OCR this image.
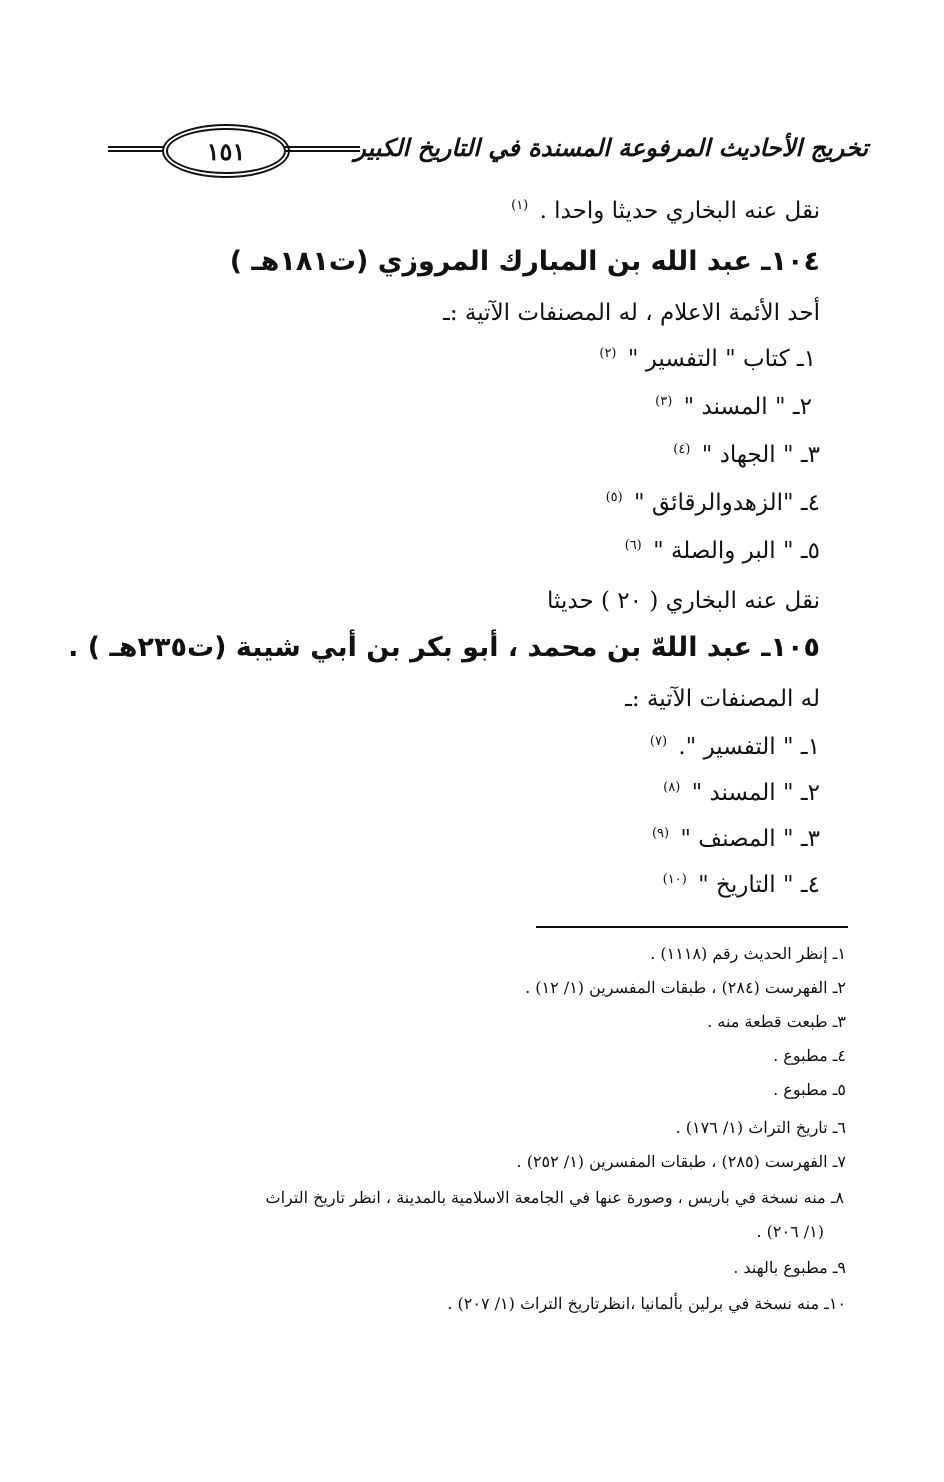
١٥١	تخريج الأحاديث المرفوعة المسندة في التاريخ الكبير
نقل عنه البخاري حديثا واحدا . $^{(١)}$
١٠٤ـ عبد الله بن المبارك المروزي (ت١٨١هـ )
أحد الأئمة الاعلام ، له المصنفات الآتية :ـ
١ـ كتاب " التفسير " $^{(٢)}$
٢ـ " المسند " $^{(٣)}$
٣ـ " الجهاد " $^{(٤)}$
٤ـ "الزهدوالرقائق " $^{(٥)}$
٥ـ " البر والصلة " $^{(٦)}$
نقل عنه البخاري ( ٢٠ ) حديثا
١٠٥ـ عبد اللهّ بن محمد ، أبو بكر بن أبي شيبة (ت٢٣٥هـ ) .
له المصنفات الآتية :ـ
١ـ " التفسير ". $^{(٧)}$
٢ـ " المسند " $^{(٨)}$
٣ـ " المصنف " $^{(٩)}$
٤ـ " التاريخ " $^{(١٠)}$
١ـ إنظر الحديث رقم (١١١٨) .
٢ـ الفهرست (٢٨٤) ، طبقات المفسرين (١/ ١٢) .
٣ـ طبعت قطعة منه .
٤ـ مطبوع .
٥ـ مطبوع .
٦ـ تاريخ التراث (١/ ١٧٦) .
٧ـ الفهرست (٢٨٥) ، طبقات المفسرين (١/ ٢٥٢) .
٨ـ منه نسخة في باريس ، وصورة عنها في الجامعة الاسلامية بالمدينة ، انظر تاريخ التراث
(١/ ٢٠٦) .
٩ـ مطبوع بالهند .
١٠ـ منه نسخة في برلين بألمانيا ،انظرتاريخ التراث (١/ ٢٠٧) .
